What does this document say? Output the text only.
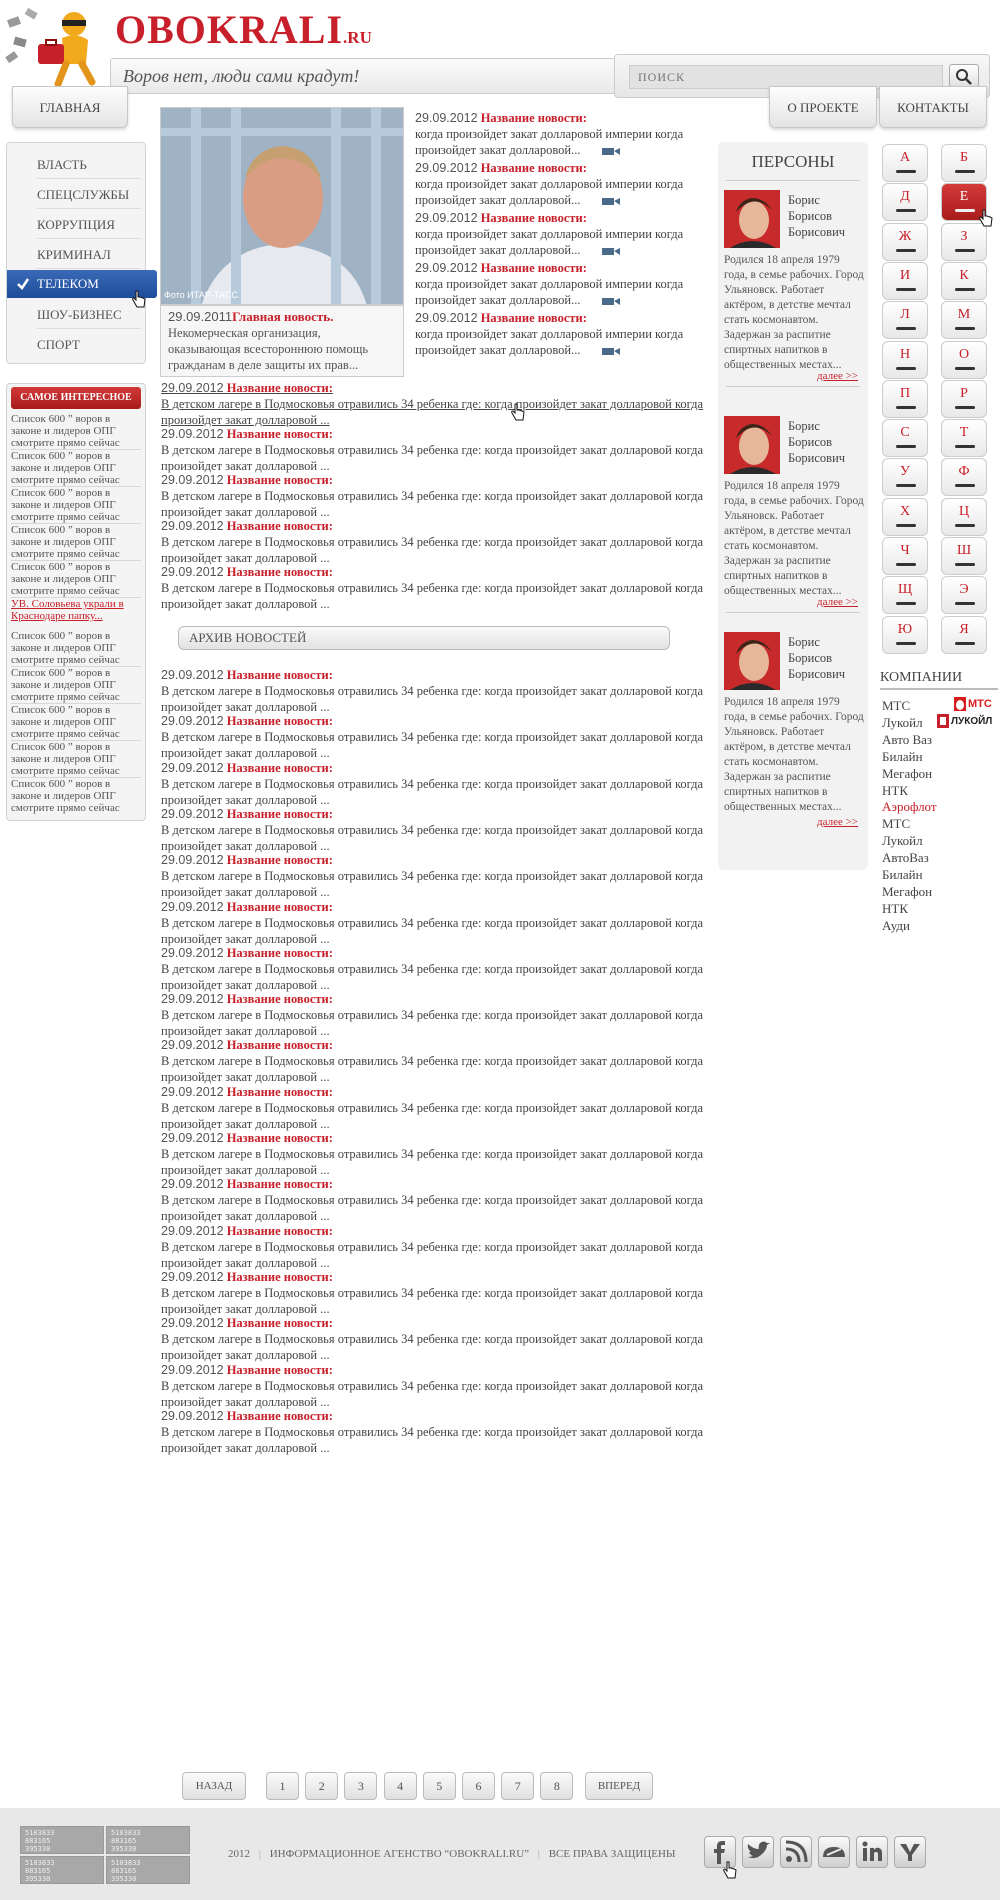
OBOKRALI.RU
Воров нет, люди сами крадут!
ПОИСК
ГЛАВНАЯ	О ПРОЕКТЕ	КОНТАКТЫ
ВЛАСТЬ
СПЕЦСЛУЖБЫ
КОРРУПЦИЯ
КРИМИНАЛ
ТЕЛЕКОМ
ШОУ-БИЗНЕС
СПОРТ
САМОЕ ИНТЕРЕСНОЕ
Список 600 ” воров в законе и лидеров ОПГ смотрите прямо сейчас
Список 600 ” воров в законе и лидеров ОПГ смотрите прямо сейчас
Список 600 ” воров в законе и лидеров ОПГ смотрите прямо сейчас
Список 600 ” воров в законе и лидеров ОПГ смотрите прямо сейчас
Список 600 ” воров в законе и лидеров ОПГ смотрите прямо сейчас
УВ. Соловьева украли в Краснодаре папку...
Список 600 ” воров в законе и лидеров ОПГ смотрите прямо сейчас
Список 600 ” воров в законе и лидеров ОПГ смотрите прямо сейчас
Список 600 ” воров в законе и лидеров ОПГ смотрите прямо сейчас
Список 600 ” воров в законе и лидеров ОПГ смотрите прямо сейчас
Список 600 ” воров в законе и лидеров ОПГ смотрите прямо сейчас
Фото ИТАР-ТАСС
29.09.2011Главная новость.
Некомерческая организация, оказывающая всестороннюю помощь гражданам в деле защиты их прав...
29.09.2012 Название новости:
когда произойдет закат долларовой империи когда произойдет закат долларовой...
29.09.2012 Название новости:
когда произойдет закат долларовой империи когда произойдет закат долларовой...
29.09.2012 Название новости:
когда произойдет закат долларовой империи когда произойдет закат долларовой...
29.09.2012 Название новости:
когда произойдет закат долларовой империи когда произойдет закат долларовой...
29.09.2012 Название новости:
когда произойдет закат долларовой империи когда произойдет закат долларовой...
29.09.2012 Название новости:
В детском лагере в Подмосковья отравились 34 ребенка где: когда произойдет закат долларовой когда произойдет закат долларовой ...
29.09.2012 Название новости:
В детском лагере в Подмосковья отравились 34 ребенка где: когда произойдет закат долларовой когда произойдет закат долларовой ...
29.09.2012 Название новости:
В детском лагере в Подмосковья отравились 34 ребенка где: когда произойдет закат долларовой когда произойдет закат долларовой ...
29.09.2012 Название новости:
В детском лагере в Подмосковья отравились 34 ребенка где: когда произойдет закат долларовой когда произойдет закат долларовой ...
29.09.2012 Название новости:
В детском лагере в Подмосковья отравились 34 ребенка где: когда произойдет закат долларовой когда произойдет закат долларовой ...
АРХИВ НОВОСТЕЙ
29.09.2012 Название новости:
В детском лагере в Подмосковья отравились 34 ребенка где: когда произойдет закат долларовой когда произойдет закат долларовой ...
29.09.2012 Название новости:
В детском лагере в Подмосковья отравились 34 ребенка где: когда произойдет закат долларовой когда произойдет закат долларовой ...
29.09.2012 Название новости:
В детском лагере в Подмосковья отравились 34 ребенка где: когда произойдет закат долларовой когда произойдет закат долларовой ...
29.09.2012 Название новости:
В детском лагере в Подмосковья отравились 34 ребенка где: когда произойдет закат долларовой когда произойдет закат долларовой ...
29.09.2012 Название новости:
В детском лагере в Подмосковья отравились 34 ребенка где: когда произойдет закат долларовой когда произойдет закат долларовой ...
29.09.2012 Название новости:
В детском лагере в Подмосковья отравились 34 ребенка где: когда произойдет закат долларовой когда произойдет закат долларовой ...
29.09.2012 Название новости:
В детском лагере в Подмосковья отравились 34 ребенка где: когда произойдет закат долларовой когда произойдет закат долларовой ...
29.09.2012 Название новости:
В детском лагере в Подмосковья отравились 34 ребенка где: когда произойдет закат долларовой когда произойдет закат долларовой ...
29.09.2012 Название новости:
В детском лагере в Подмосковья отравились 34 ребенка где: когда произойдет закат долларовой когда произойдет закат долларовой ...
29.09.2012 Название новости:
В детском лагере в Подмосковья отравились 34 ребенка где: когда произойдет закат долларовой когда произойдет закат долларовой ...
29.09.2012 Название новости:
В детском лагере в Подмосковья отравились 34 ребенка где: когда произойдет закат долларовой когда произойдет закат долларовой ...
29.09.2012 Название новости:
В детском лагере в Подмосковья отравились 34 ребенка где: когда произойдет закат долларовой когда произойдет закат долларовой ...
29.09.2012 Название новости:
В детском лагере в Подмосковья отравились 34 ребенка где: когда произойдет закат долларовой когда произойдет закат долларовой ...
29.09.2012 Название новости:
В детском лагере в Подмосковья отравились 34 ребенка где: когда произойдет закат долларовой когда произойдет закат долларовой ...
29.09.2012 Название новости:
В детском лагере в Подмосковья отравились 34 ребенка где: когда произойдет закат долларовой когда произойдет закат долларовой ...
29.09.2012 Название новости:
В детском лагере в Подмосковья отравились 34 ребенка где: когда произойдет закат долларовой когда произойдет закат долларовой ...
29.09.2012 Название новости:
В детском лагере в Подмосковья отравились 34 ребенка где: когда произойдет закат долларовой когда произойдет закат долларовой ...
ПЕРСОНЫ
Борис Борисов Борисович
Родился 18 апреля 1979 года, в семье рабочих. Город Ульяновск. Работает актёром, в детстве мечтал стать космонавтом. Задержан за распитие спиртных напитков в общественных местах...
далее >>
Борис Борисов Борисович
Родился 18 апреля 1979 года, в семье рабочих. Город Ульяновск. Работает актёром, в детстве мечтал стать космонавтом. Задержан за распитие спиртных напитков в общественных местах...
далее >>
Борис Борисов Борисович
Родился 18 апреля 1979 года, в семье рабочих. Город Ульяновск. Работает актёром, в детстве мечтал стать космонавтом. Задержан за распитие спиртных напитков в общественных местах...
далее >>
А	Б
Д	Е
Ж	З
И	К
Л	М
Н	О
П	Р
С	Т
У	Ф
Х	Ц
Ч	Ш
Щ	Э
Ю	Я
КОМПАНИИ
МТС
Лукойл
Авто Ваз
Билайн
Мегафон
НТК
Аэрофлот
МТС
Лукойл
АвтоВаз
Билайн
Мегафон
НТК
Ауди
МТС
ЛУКОЙЛ
НАЗАД	1	2	3	4	5	6	7	8	ВПЕРЕД
5103833
883165
395330
5103833
883165
395330
5103833
883165
395330
5103833
883165
395330
2012 | ИНФОРМАЦИОННОЕ АГЕНСТВО “OBOKRALI.RU” | ВСЕ ПРАВА ЗАЩИЦЕНЫ
